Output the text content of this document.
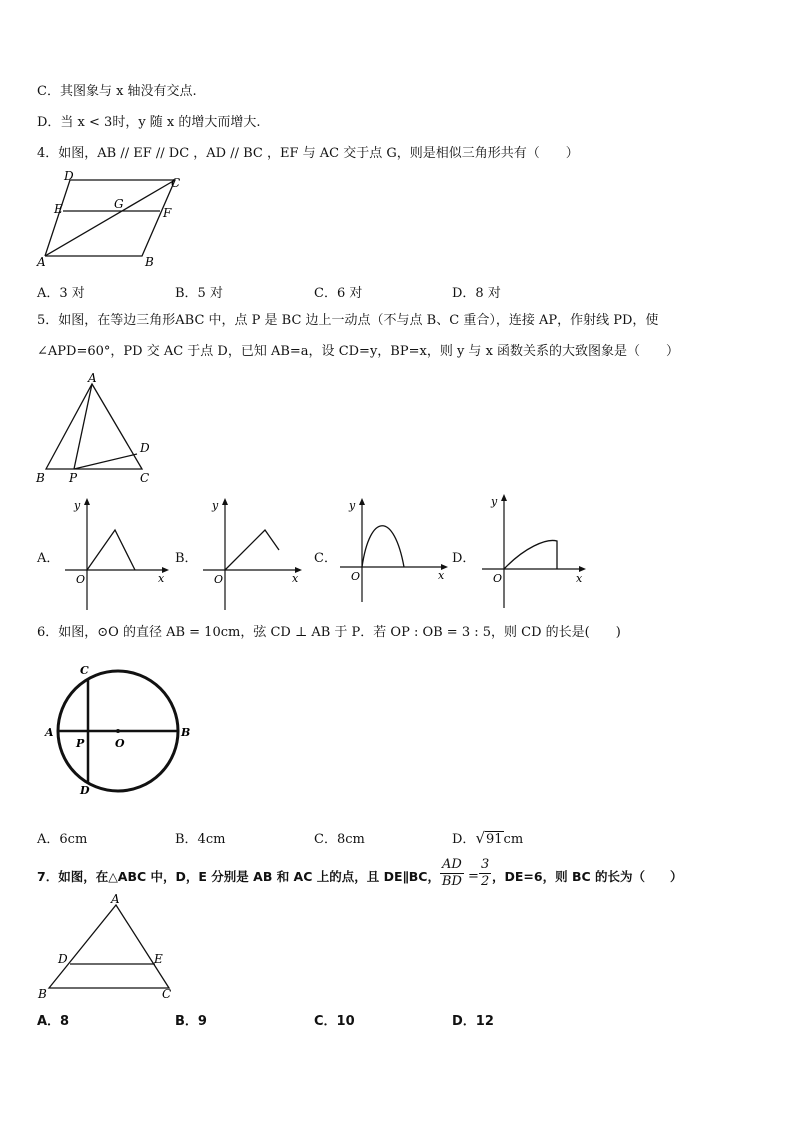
C．其图象与 x 轴没有交点.
D．当 x < 3时，y 随 x 的增大而增大.
4．如图，AB // EF // DC ，AD // BC ，EF 与 AC 交于点 G，则是相似三角形共有（　　）
D	C
E	G
F
A	B
A．3 对	B．5 对	C．6 对	D．8 对
5．如图，在等边三角形ABC 中，点 P 是 BC 边上一动点（不与点 B、C 重合），连接 AP，作射线 PD，使
∠APD=60°，PD 交 AC 于点 D，已知 AB=a，设 CD=y，BP=x，则 y 与 x 函数关系的大致图象是（　　）
A
B P	C
D
A．
y
x
O
B．
y
x
O
C．
y
x
O
D．
y
x
O
6．如图，⊙O 的直径 AB = 10cm，弦 CD ⊥ AB 于 P．若 OP : OB = 3 : 5，则 CD 的长是(　　)
C
A
P	O
B
D
A．6cm	B．4cm	C．8cm	D．√91cm
7．如图，在△ABC 中，D，E 分别是 AB 和 AC 上的点，且 DE∥BC， $\frac{AD}{BD} = \frac{3}{2}$ ，DE=6，则 BC 的长为（　　）
A
D	E
B	C
A．8	B．9	C．10	D．12
